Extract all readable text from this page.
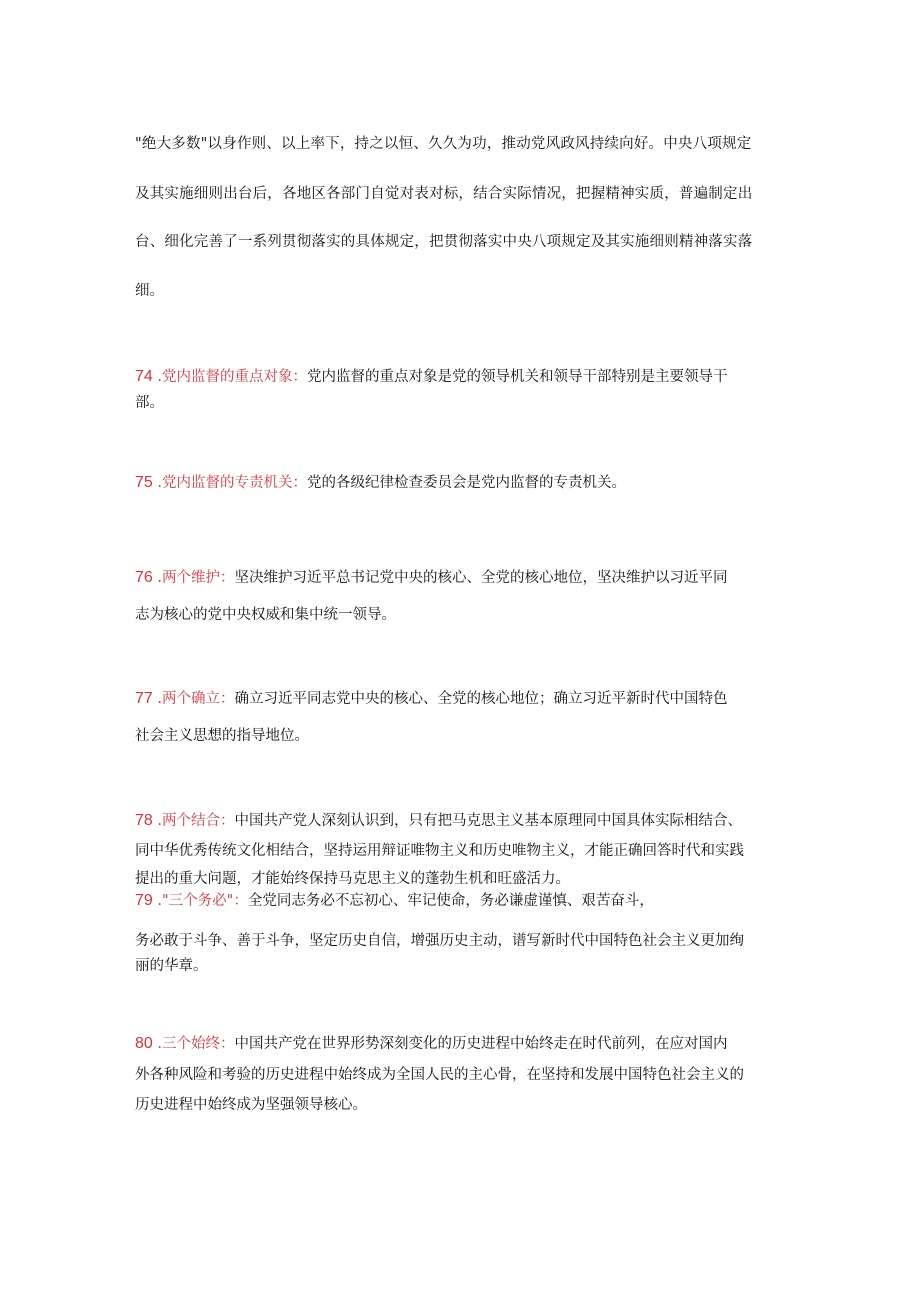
"绝大多数"以身作则、以上率下，持之以恒、久久为功，推动党风政风持续向好。中央八项规定
及其实施细则出台后，各地区各部门自觉对表对标，结合实际情况，把握精神实质，普遍制定出
台、细化完善了一系列贯彻落实的具体规定，把贯彻落实中央八项规定及其实施细则精神落实落
细。
74 .党内监督的重点对象：党内监督的重点对象是党的领导机关和领导干部特别是主要领导干
部。
75 .党内监督的专责机关：党的各级纪律检查委员会是党内监督的专责机关。
76 .两个维护：坚决维护习近平总书记党中央的核心、全党的核心地位，坚决维护以习近平同
志为核心的党中央权威和集中统一领导。
77 .两个确立：确立习近平同志党中央的核心、全党的核心地位；确立习近平新时代中国特色
社会主义思想的指导地位。
78 .两个结合：中国共产党人深刻认识到，只有把马克思主义基本原理同中国具体实际相结合、
同中华优秀传统文化相结合，坚持运用辩证唯物主义和历史唯物主义，才能正确回答时代和实践
提出的重大问题，才能始终保持马克思主义的蓬勃生机和旺盛活力。
79 ."三个务必"：全党同志务必不忘初心、牢记使命，务必谦虚谨慎、艰苦奋斗，
务必敢于斗争、善于斗争，坚定历史自信，增强历史主动，谱写新时代中国特色社会主义更加绚
丽的华章。
80 .三个始终：中国共产党在世界形势深刻变化的历史进程中始终走在时代前列，在应对国内
外各种风险和考验的历史进程中始终成为全国人民的主心骨，在坚持和发展中国特色社会主义的
历史进程中始终成为坚强领导核心。
